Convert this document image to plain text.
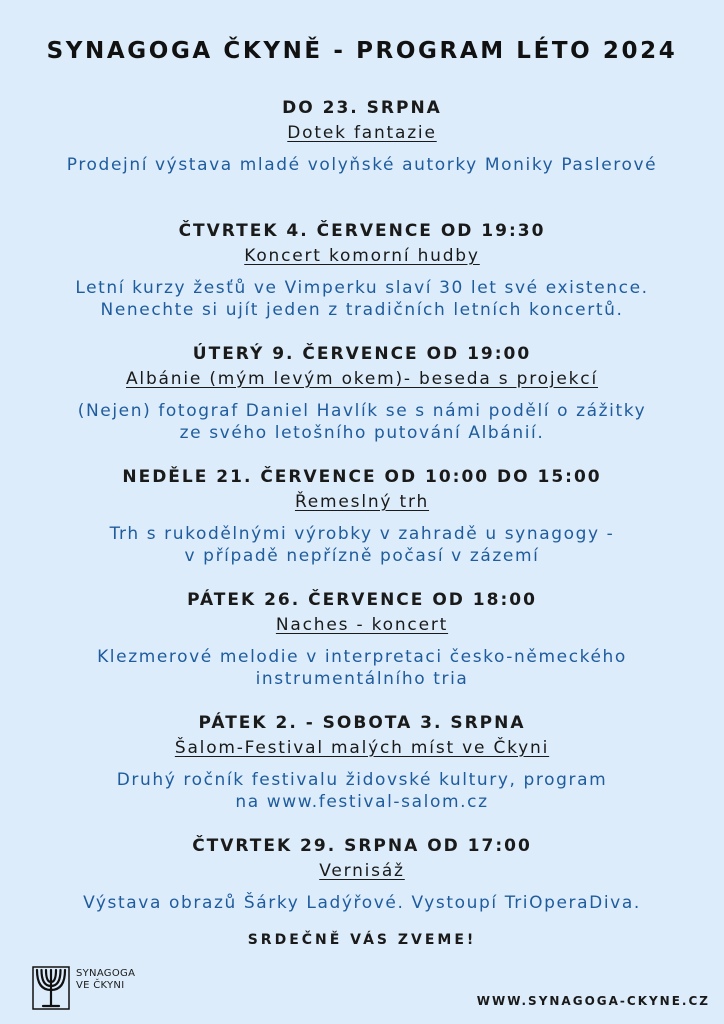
SYNAGOGA ČKYNĚ - PROGRAM LÉTO 2024
DO 23. SRPNA
Dotek fantazie
Prodejní výstava mladé volyňské autorky Moniky Paslerové
ČTVRTEK 4. ČERVENCE OD 19:30
Koncert komorní hudby
Letní kurzy žesťů ve Vimperku slaví 30 let své existence.
Nenechte si ujít jeden z tradičních letních koncertů.
ÚTERÝ 9. ČERVENCE OD 19:00
Albánie (mým levým okem)- beseda s projekcí
(Nejen) fotograf Daniel Havlík se s námi podělí o zážitky
ze svého letošního putování Albánií.
NEDĚLE 21. ČERVENCE OD 10:00 DO 15:00
Řemeslný trh
Trh s rukodělnými výrobky v zahradě u synagogy -
v případě nepřízně počasí v zázemí
PÁTEK 26. ČERVENCE OD 18:00
Naches - koncert
Klezmerové melodie v interpretaci česko-německého
instrumentálního tria
PÁTEK 2. - SOBOTA 3. SRPNA
Šalom-Festival malých míst ve Čkyni
Druhý ročník festivalu židovské kultury, program
na www.festival-salom.cz
ČTVRTEK 29. SRPNA OD 17:00
Vernisáž
Výstava obrazů Šárky Ladýřové. Vystoupí TriOperaDiva.
SRDEČNĚ VÁS ZVEME!
SYNAGOGA
VE ČKYNI
WWW.SYNAGOGA-CKYNE.CZ
